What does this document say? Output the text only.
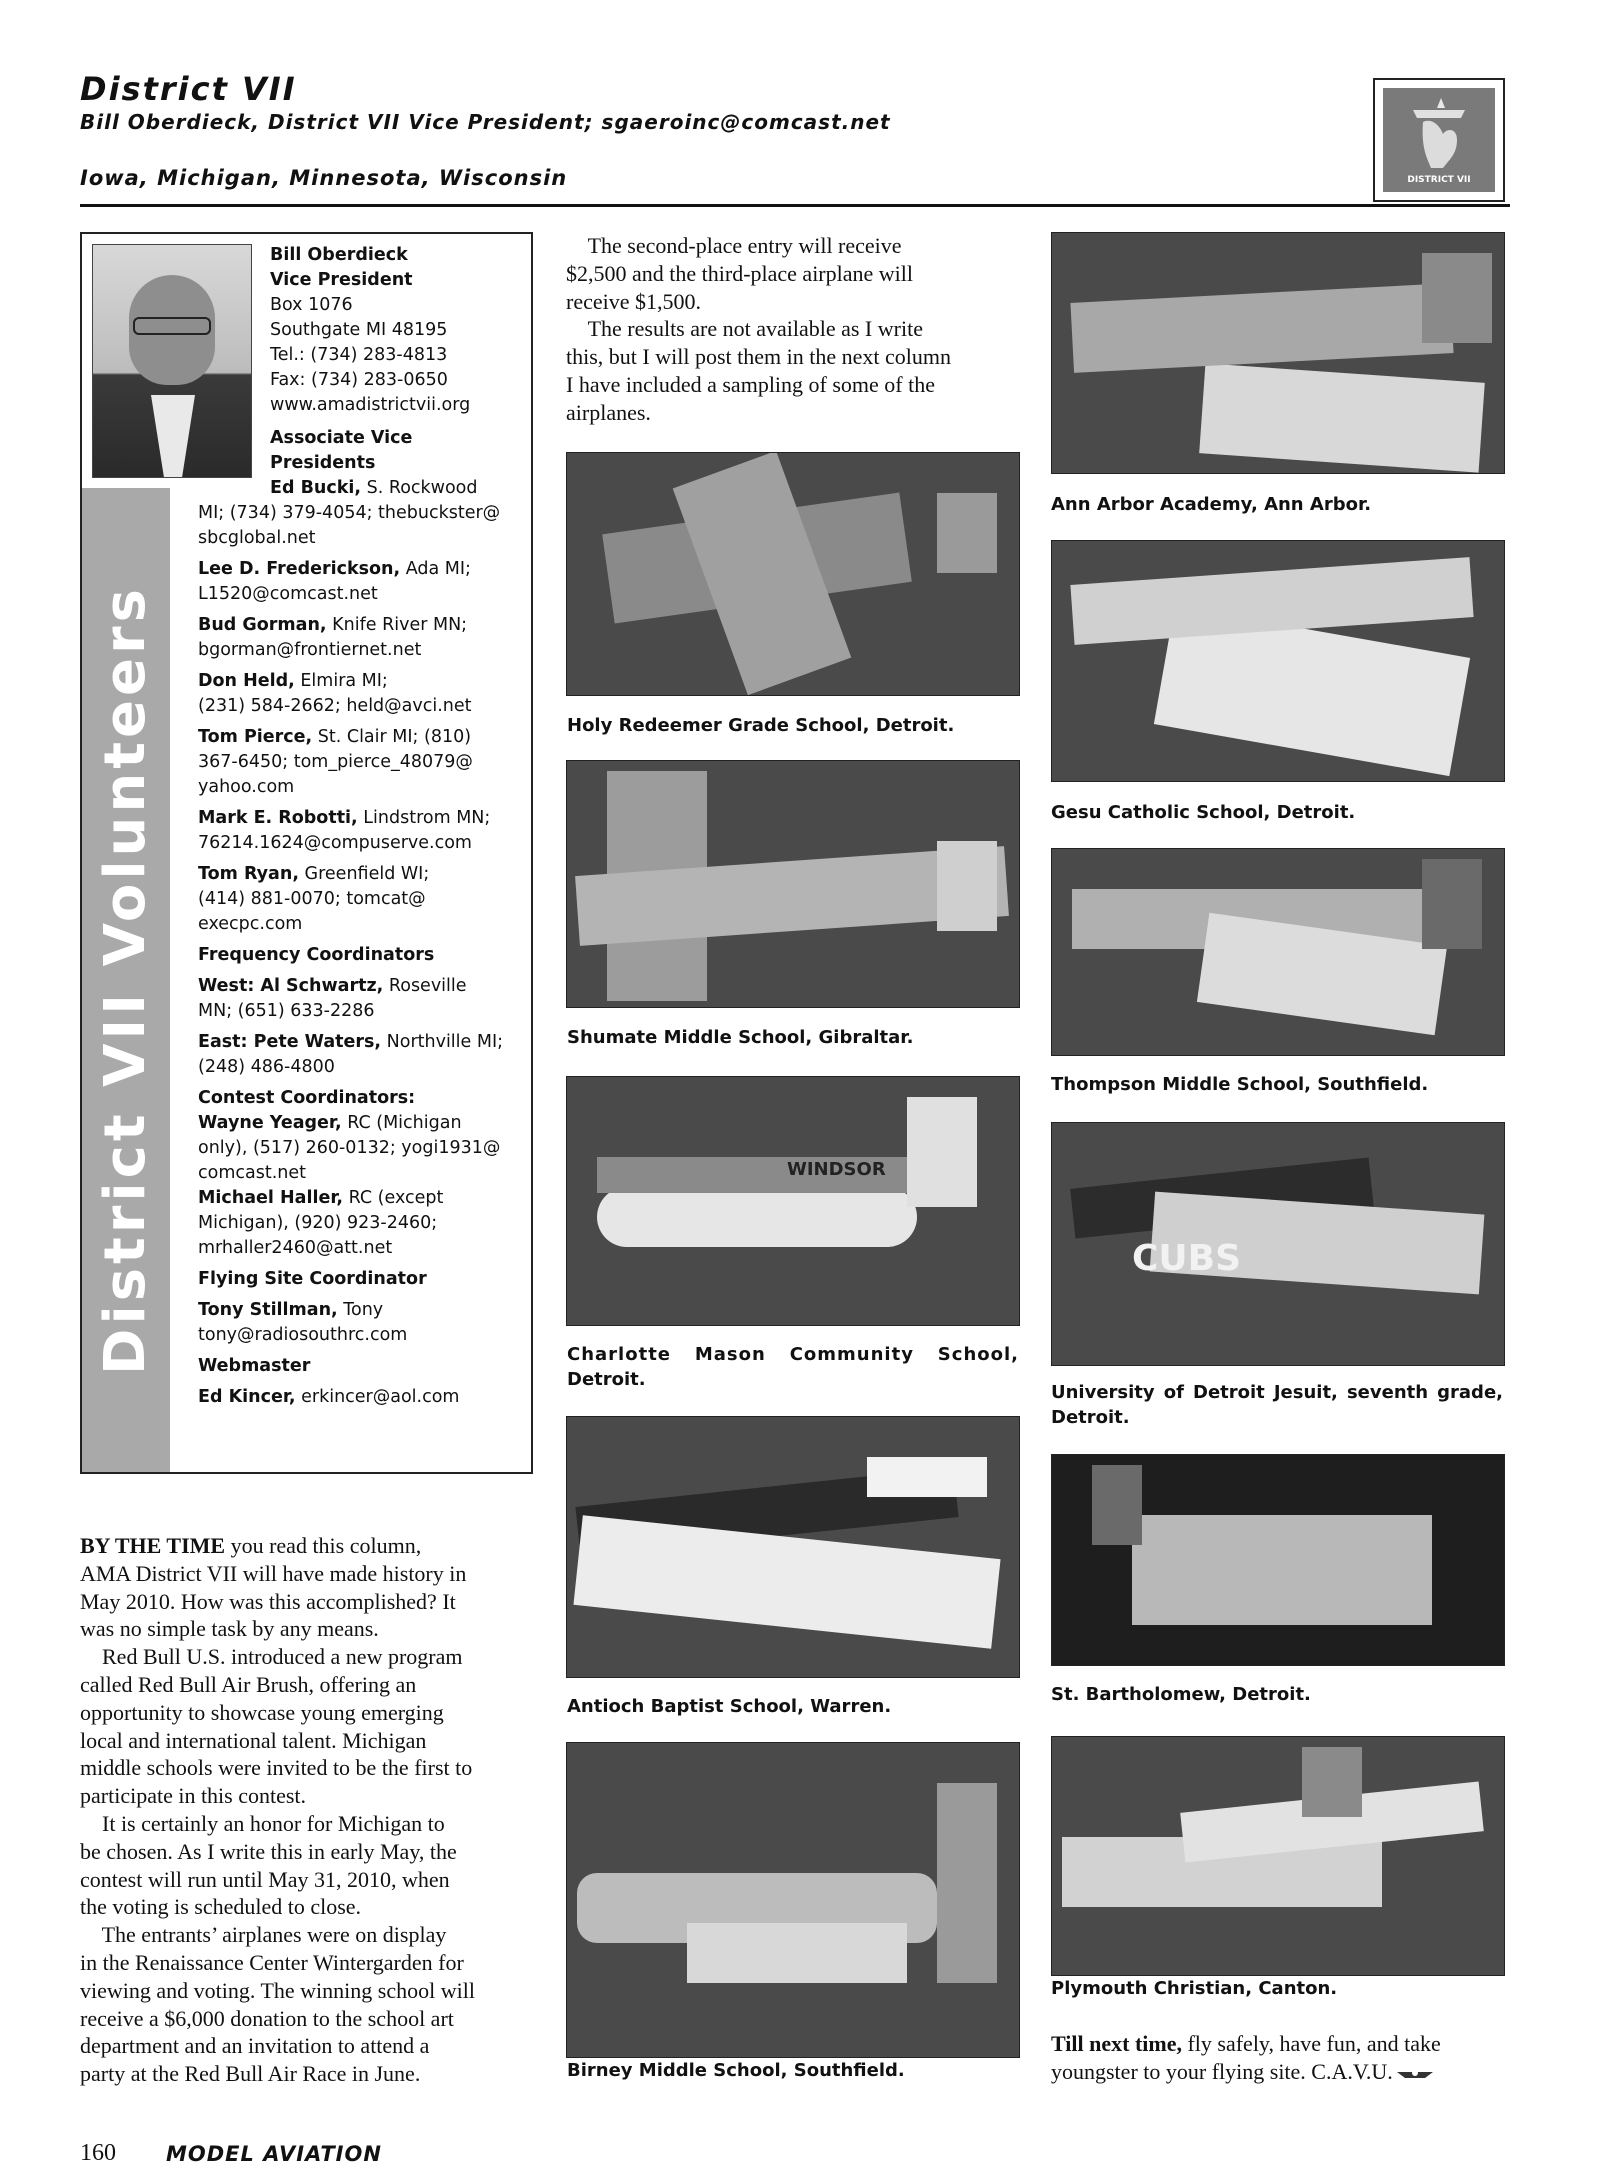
District VII
Bill Oberdieck, District VII Vice President; sgaeroinc@comcast.net
Iowa, Michigan, Minnesota, Wisconsin	DISTRICT VII
District VII Volunteers
Bill Oberdieck
Vice President
Box 1076
Southgate MI 48195
Tel.: (734) 283-4813
Fax: (734) 283-0650
www.amadistrictvii.org
Associate Vice
Presidents
Ed Bucki, S. Rockwood
MI; (734) 379-4054; thebuckster@
sbcglobal.net
Lee D. Frederickson, Ada MI;
L1520@comcast.net
Bud Gorman, Knife River MN;
bgorman@frontiernet.net
Don Held, Elmira MI;
(231) 584-2662; held@avci.net
Tom Pierce, St. Clair MI; (810)
367-6450; tom_pierce_48079@
yahoo.com
Mark E. Robotti, Lindstrom MN;
76214.1624@compuserve.com
Tom Ryan, Greenfield WI;
(414) 881-0070; tomcat@
execpc.com
Frequency Coordinators
West: Al Schwartz, Roseville
MN; (651) 633-2286
East: Pete Waters, Northville MI;
(248) 486-4800
Contest Coordinators:
Wayne Yeager, RC (Michigan
only), (517) 260-0132; yogi1931@
comcast.net
Michael Haller, RC (except
Michigan), (920) 923-2460;
mrhaller2460@att.net
Flying Site Coordinator
Tony Stillman, Tony
tony@radiosouthrc.com
Webmaster
Ed Kincer, erkincer@aol.com
BY THE TIME you read this column,
AMA District VII will have made history in
May 2010. How was this accomplished? It
was no simple task by any means.
Red Bull U.S. introduced a new program
called Red Bull Air Brush, offering an
opportunity to showcase young emerging
local and international talent. Michigan
middle schools were invited to be the first to
participate in this contest.
It is certainly an honor for Michigan to
be chosen. As I write this in early May, the
contest will run until May 31, 2010, when
the voting is scheduled to close.
The entrants’ airplanes were on display
in the Renaissance Center Wintergarden for
viewing and voting. The winning school will
receive a $6,000 donation to the school art
department and an invitation to attend a
party at the Red Bull Air Race in June.
The second-place entry will receive
$2,500 and the third-place airplane will
receive $1,500.
The results are not available as I write
this, but I will post them in the next column
I have included a sampling of some of the
airplanes.
Holy Redeemer Grade School, Detroit.
Shumate Middle School, Gibraltar.
WINDSOR
Charlotte Mason Community School,
Detroit.
Antioch Baptist School, Warren.
Birney Middle School, Southfield.
Ann Arbor Academy, Ann Arbor.
Gesu Catholic School, Detroit.
Thompson Middle School, Southfield.
CUBS
University of Detroit Jesuit, seventh grade,
Detroit.
St. Bartholomew, Detroit.
Plymouth Christian, Canton.
Till next time, fly safely, have fun, and take
youngster to your flying site. C.A.V.U.
160 MODEL AVIATION
